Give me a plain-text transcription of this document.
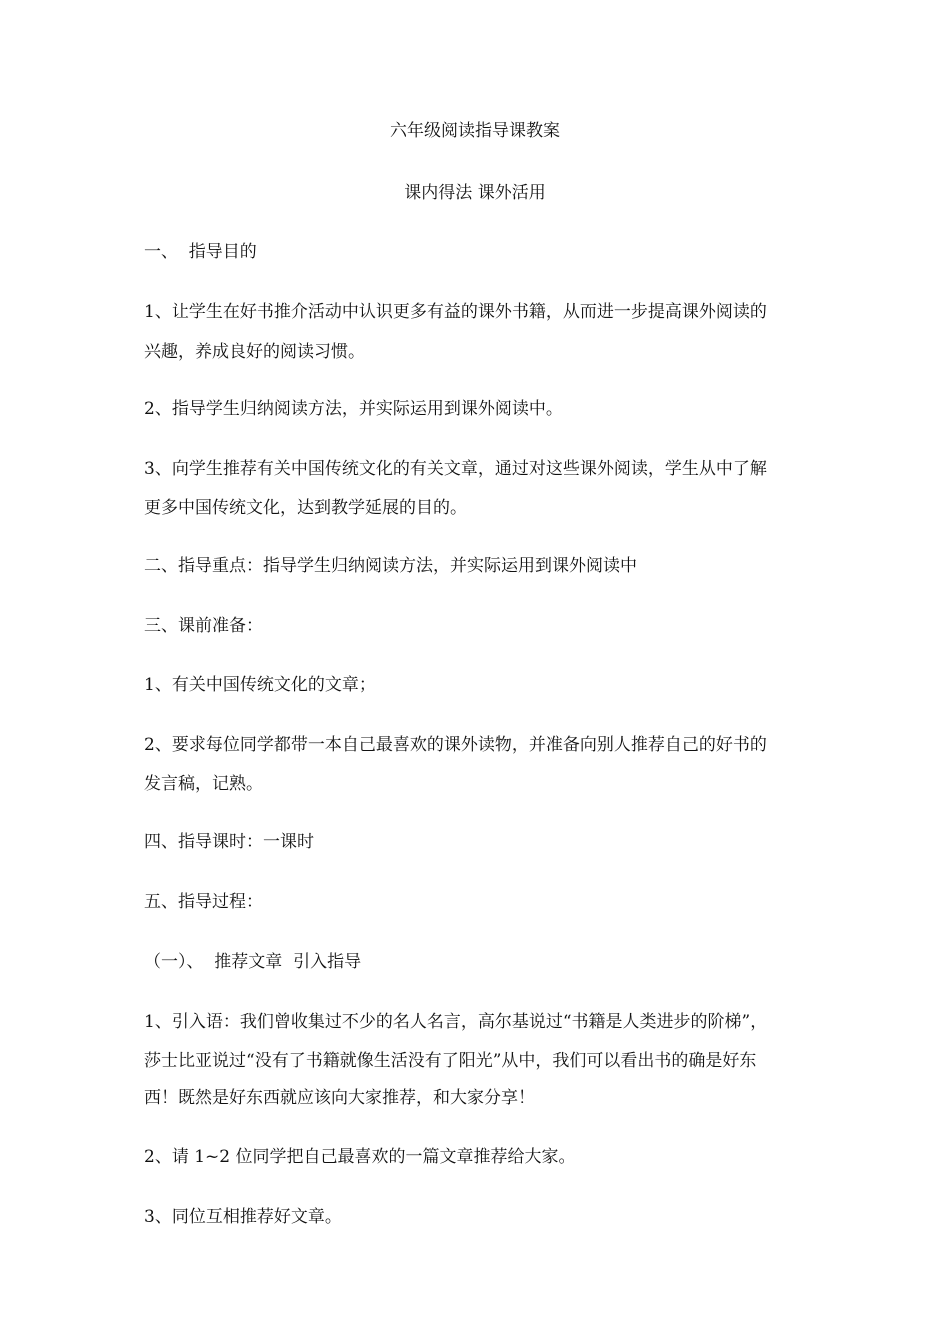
六年级阅读指导课教案
课内得法 课外活用
一、  指导目的
1、让学生在好书推介活动中认识更多有益的课外书籍，从而进一步提高课外阅读的
兴趣，养成良好的阅读习惯。
2、指导学生归纳阅读方法，并实际运用到课外阅读中。
3、向学生推荐有关中国传统文化的有关文章，通过对这些课外阅读，学生从中了解
更多中国传统文化，达到教学延展的目的。
二、指导重点：指导学生归纳阅读方法，并实际运用到课外阅读中
三、课前准备：
1、有关中国传统文化的文章；
2、要求每位同学都带一本自己最喜欢的课外读物，并准备向别人推荐自己的好书的
发言稿，记熟。
四、指导课时：一课时
五、指导过程：
（一）、  推荐文章  引入指导
1、引入语：我们曾收集过不少的名人名言，高尔基说过“书籍是人类进步的阶梯”，
莎士比亚说过“没有了书籍就像生活没有了阳光”从中，我们可以看出书的确是好东
西！既然是好东西就应该向大家推荐，和大家分享！
2、请 1~2 位同学把自己最喜欢的一篇文章推荐给大家。
3、同位互相推荐好文章。
